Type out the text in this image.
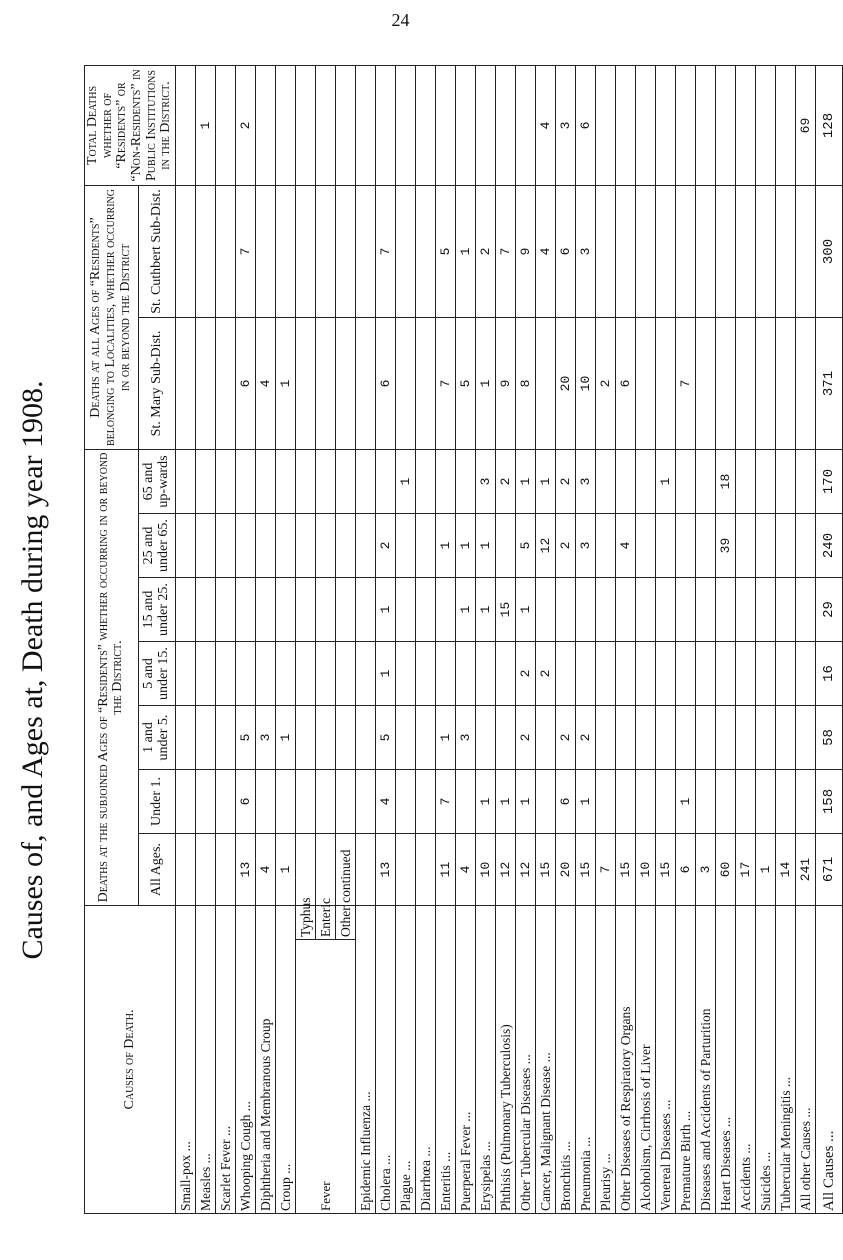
24
Causes of, and Ages at, Death during year 1908.
Causes of Death.		Deaths at the subjoined Ages of “Residents” whether occurring in or beyond the District.							Deaths at all Ages of “Residents” belonging to Localities, whether occurring in or beyond the District		Total Deaths whether of “Residents” or “Non-Residents” in Public Institutions in the District.
		All Ages.	Under 1.	1 and under 5.	5 and under 15.	15 and under 25.	25 and under 65.	65 and up-wards	St. Mary Sub-Dist.	St. Cuthbert Sub-Dist.	
Small-pox ...											
Measles ...											1
Scarlet Fever ...											
Whooping Cough ...		13	6	5					6	7	2
Diphtheria and Membranous Croup		4		3					4		
Croup ...		1		1					1		
Fever	Typhus										
	Enteric										
	Other continued										
Epidemic Influenza ...											
Cholera ...		13	4	5	1	1	2		6	7	
Plague ...								1			
Diarrhœa ...											
Enteritis ...		11	7	1			1		7	5	
Puerperal Fever ...		4		3		1	1		5	1	
Erysipelas ...		10	1			1	1	3	1	2	
Phthisis (Pulmonary Tuberculosis)		12	1			15		2	9	7	
Other Tubercular Diseases ...		12	1	2	2	1	5	1	8	9	
Cancer, Malignant Disease ...		15			2		12	1		4	4
Bronchitis ...		20	6	2			2	2	20	6	3
Pneumonia ...		15	1	2			3	3	10	3	6
Pleurisy ...		7							2		
Other Diseases of Respiratory Organs		15					4		6		
Alcoholism, Cirrhosis of Liver		10									
Venereal Diseases ...		15						1			
Premature Birth ...		6	1						7		
Diseases and Accidents of Parturition		3									
Heart Diseases ...		60					39	18			
Accidents ...		17									
Suicides ...		1									
Tubercular Meningitis ...		14									
All other Causes ...		241									69
All Causes ...		671	158	58	16	29	240	170	371	300	128
